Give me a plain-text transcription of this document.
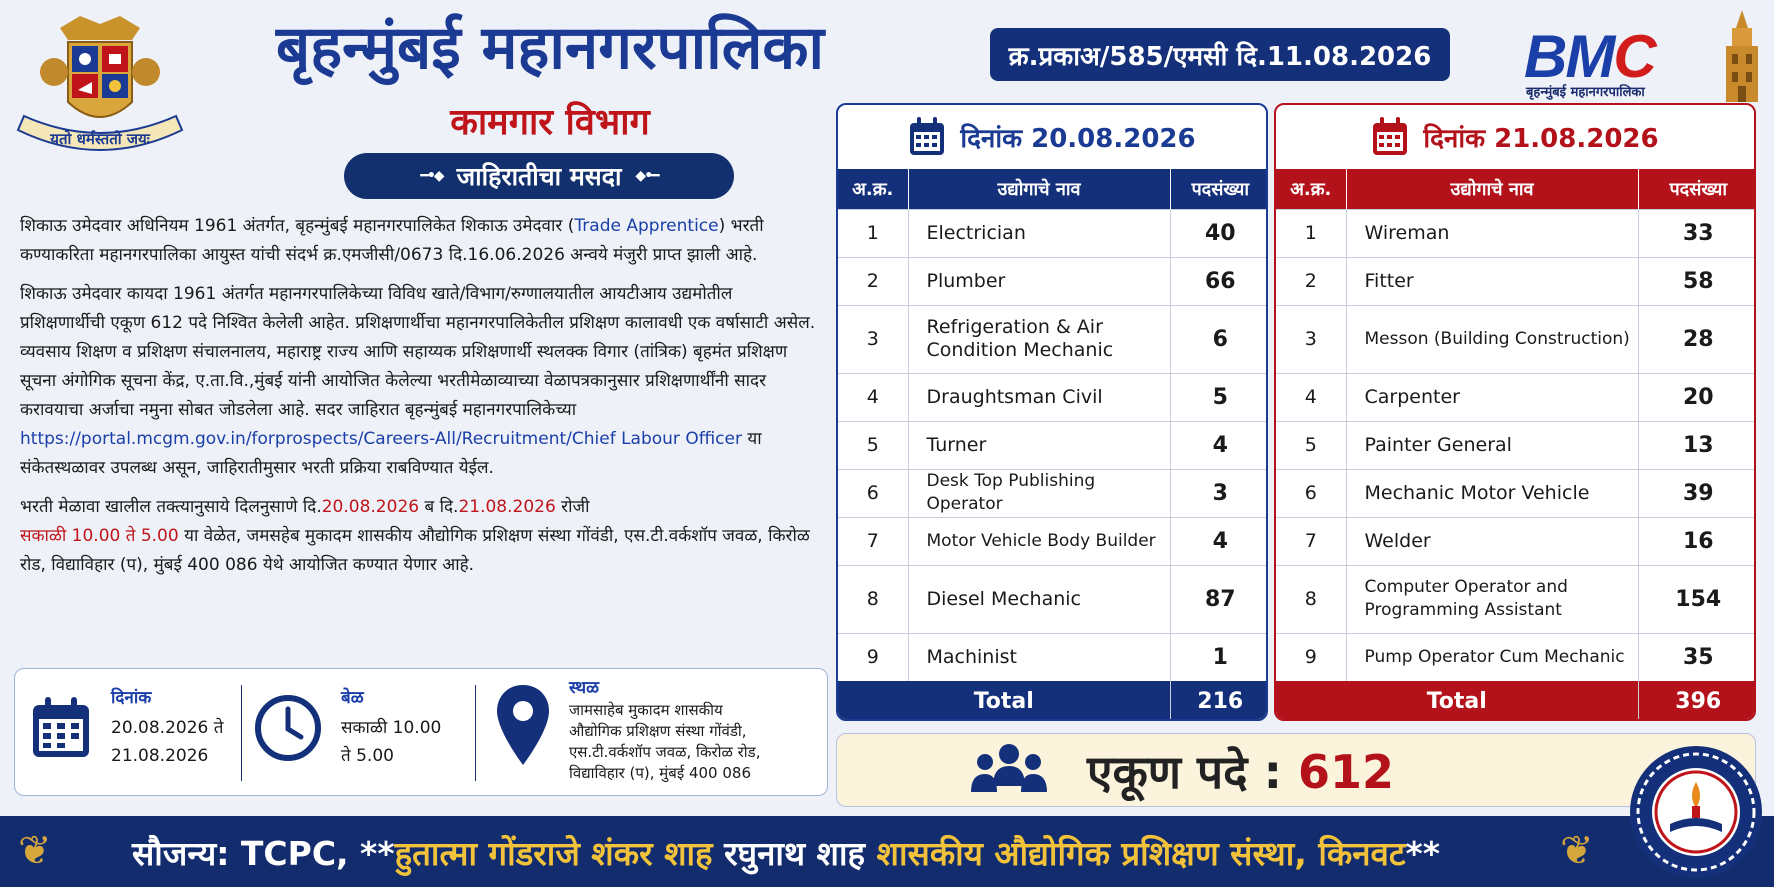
यतो धर्मस्ततो जयः
बृहन्मुंबई महानगरपालिका
कामगार विभाग
━•◆ जाहिरातीचा मसदा ◆•━
क्र.प्रकाअ/585/एमसी दि.11.08.2026	BMC
बृहन्मुंबई महानगरपालिका

शिकाऊ उमेदवार अधिनियम 1961 अंतर्गत, बृहन्मुंबई महानगरपालिकेत शिकाऊ उमेदवार (Trade Apprentice) भरती कण्याकरिता महानगरपालिका आयुस्त यांची संदर्भ क्र.एमजीसी/0673 दि.16.06.2026 अन्वये मंजुरी प्राप्त झाली आहे.

शिकाऊ उमेदवार कायदा 1961 अंतर्गत महानगरपालिकेच्या विविध खाते/विभाग/रुग्णालयातील आयटीआय उद्यमोतील प्रशिक्षणार्थीची एकूण 612 पदे निश्वित केलेली आहेत. प्रशिक्षणार्थीचा महानगरपालिकेतील प्रशिक्षण कालावधी एक वर्षासाटी असेल.

व्यवसाय शिक्षण व प्रशिक्षण संचालनालय, महाराष्ट्र राज्य आणि सहाय्यक प्रशिक्षणार्थी स्थलक्क विगार (तांत्रिक) बृहमंत प्रशिक्षण सूचना अंगोगिक सूचना केंद्र, ए.ता.वि.,मुंबई यांनी आयोजित केलेल्या भरतीमेळाव्याच्या वेळापत्रकानुसार प्रशिक्षणार्थींनी सादर करावयाचा अर्जाचा नमुना सोबत जोडलेला आहे. सदर जाहिरात बृहन्मुंबई महानगरपालिकेच्या https://portal.mcgm.gov.in/forprospects/Careers-All/Recruitment/Chief Labour Officer या संकेतस्थळावर उपलब्ध असून, जाहिरातीमुसार भरती प्रक्रिया राबविण्यात येईल.

भरती मेळावा खालील तक्त्यानुसाये दिलनुसाणे दि.20.08.2026 ब दि.21.08.2026 रोजी
सकाळी 10.00 ते 5.00 या वेळेत, जमसहेब मुकादम शासकीय औद्योगिक प्रशिक्षण संस्था गोंवंडी, एस.टी.वर्कशॉप जवळ, किरोळ रोड, विद्याविहार (प), मुंबई 400 086 येथे आयोजित कण्यात येणार आहे.

दिनांक
20.08.2026 ते
21.08.2026
बेळ
सकाळी 10.00
ते 5.00
स्थळ
जामसाहेब मुकादम शासकीय
औद्योगिक प्रशिक्षण संस्था गोंवंडी,
एस.टी.वर्कशॉप जवळ, किरोळ रोड,
विद्याविहार (प), मुंबई 400 086
दिनांक 20.08.2026
अ.क्र.	उद्योगाचे नाव	पदसंख्या
1	Electrician	40
2	Plumber	66
3	Refrigeration & Air Condition Mechanic	6
4	Draughtsman Civil	5
5	Turner	4
6	Desk Top Publishing Operator	3
7	Motor Vehicle Body Builder	4
8	Diesel Mechanic	87
9	Machinist	1
Total		216
दिनांक 21.08.2026
अ.क्र.	उद्योगाचे नाव	पदसंख्या
1	Wireman	33
2	Fitter	58
3	Messon (Building Construction)	28
4	Carpenter	20
5	Painter General	13
6	Mechanic Motor Vehicle	39
7	Welder	16
8	Computer Operator and Programming Assistant	154
9	Pump Operator Cum Mechanic	35
Total		396
एकूण पदे : 612
❦ सौजन्य: TCPC, **हुतात्मा गोंडराजे शंकर शाह रघुनाथ शाह शासकीय औद्योगिक प्रशिक्षण संस्था, किनवट**	❦
